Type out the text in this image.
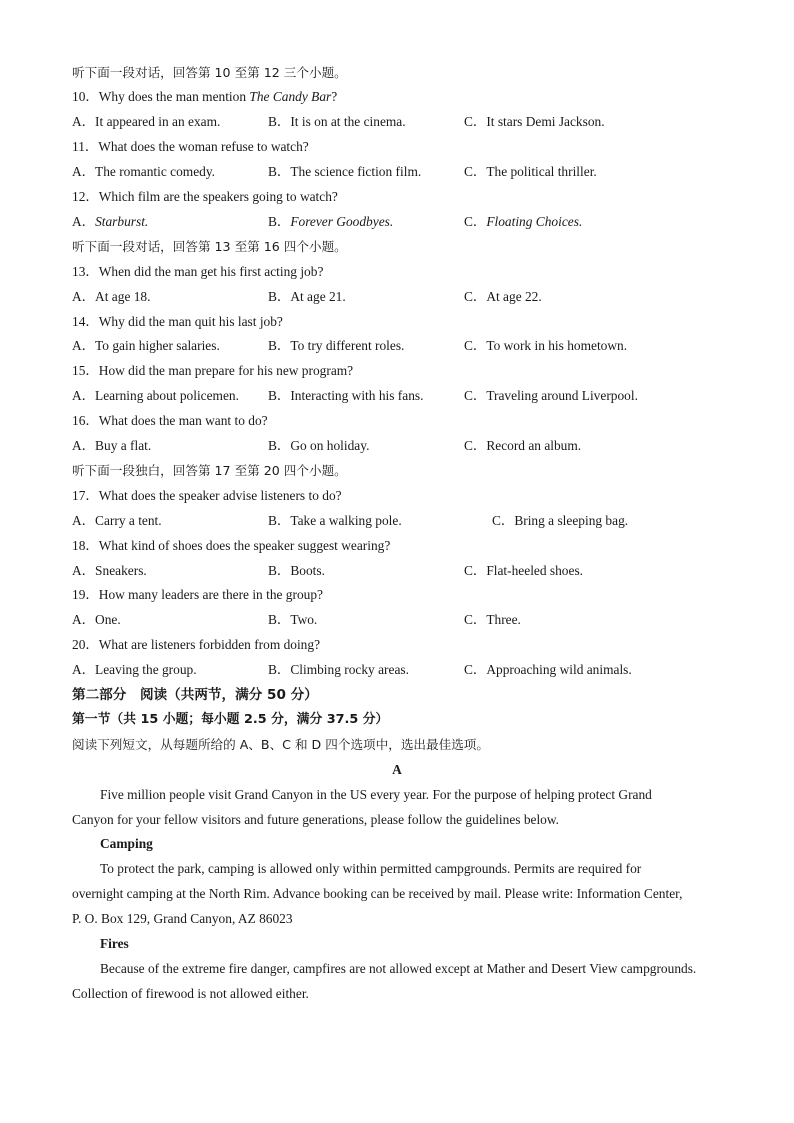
听下面一段对话，回答第 10 至第 12 三个小题。
10．Why does the man mention The Candy Bar?
A．It appeared in an exam.	B．It is on at the cinema.	C．It stars Demi Jackson.
11．What does the woman refuse to watch?
A．The romantic comedy.	B．The science fiction film.	C．The political thriller.
12．Which film are the speakers going to watch?
A．Starburst.	B．Forever Goodbyes.	C．Floating Choices.
听下面一段对话，回答第 13 至第 16 四个小题。
13．When did the man get his first acting job?
A．At age 18.	B．At age 21.	C．At age 22.
14．Why did the man quit his last job?
A．To gain higher salaries.	B．To try different roles.	C．To work in his hometown.
15．How did the man prepare for his new program?
A．Learning about policemen. B．Interacting with his fans.	C．Traveling around Liverpool.
16．What does the man want to do?
A．Buy a flat.	B．Go on holiday.	C．Record an album.
听下面一段独白，回答第 17 至第 20 四个小题。
17．What does the speaker advise listeners to do?
A．Carry a tent.	B．Take a walking pole.	C．Bring a sleeping bag.
18．What kind of shoes does the speaker suggest wearing?
A．Sneakers.	B．Boots.	C．Flat-heeled shoes.
19．How many leaders are there in the group?
A．One.	B．Two.	C．Three.
20．What are listeners forbidden from doing?
A．Leaving the group.	B．Climbing rocky areas.	C．Approaching wild animals.
第二部分　阅读（共两节，满分 50 分）
第一节（共 15 小题；每小题 2.5 分，满分 37.5 分）
阅读下列短文，从每题所给的 A、B、C 和 D 四个选项中，选出最佳选项。
A
Five million people visit Grand Canyon in the US every year. For the purpose of helping protect Grand
Canyon for your fellow visitors and future generations, please follow the guidelines below.
Camping
To protect the park, camping is allowed only within permitted campgrounds. Permits are required for
overnight camping at the North Rim. Advance booking can be received by mail. Please write: Information Center,
P. O. Box 129, Grand Canyon, AZ 86023
Fires
Because of the extreme fire danger, campfires are not allowed except at Mather and Desert View campgrounds.
Collection of firewood is not allowed either.
